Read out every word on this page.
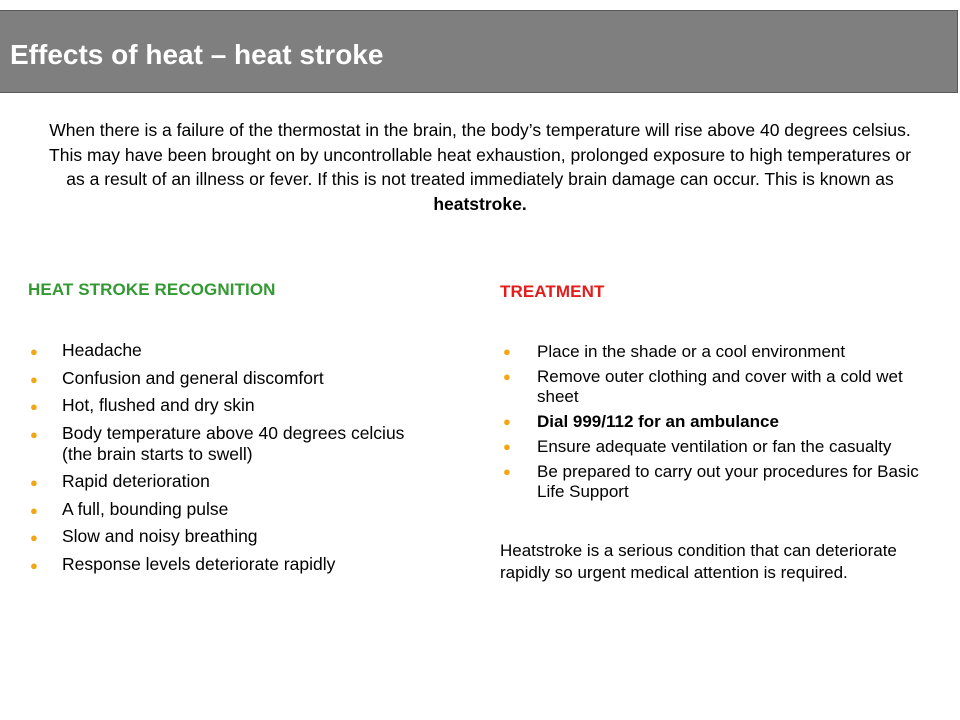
Effects of heat – heat stroke

When there is a failure of the thermostat in the brain, the body’s temperature will rise above 40 degrees celsius. This may have been brought on by uncontrollable heat exhaustion, prolonged exposure to high temperatures or as a result of an illness or fever. If this is not treated immediately brain damage can occur. This is known as heatstroke.

HEAT STROKE RECOGNITION
● Headache
● Confusion and general discomfort
● Hot, flushed and dry skin
● Body temperature above 40 degrees celcius (the brain starts to swell)
● Rapid deterioration
● A full, bounding pulse
● Slow and noisy breathing
● Response levels deteriorate rapidly
TREATMENT
● Place in the shade or a cool environment
● Remove outer clothing and cover with a cold wet sheet
● Dial 999/112 for an ambulance
● Ensure adequate ventilation or fan the casualty
● Be prepared to carry out your procedures for Basic Life Support

Heatstroke is a serious condition that can deteriorate rapidly so urgent medical attention is required.
